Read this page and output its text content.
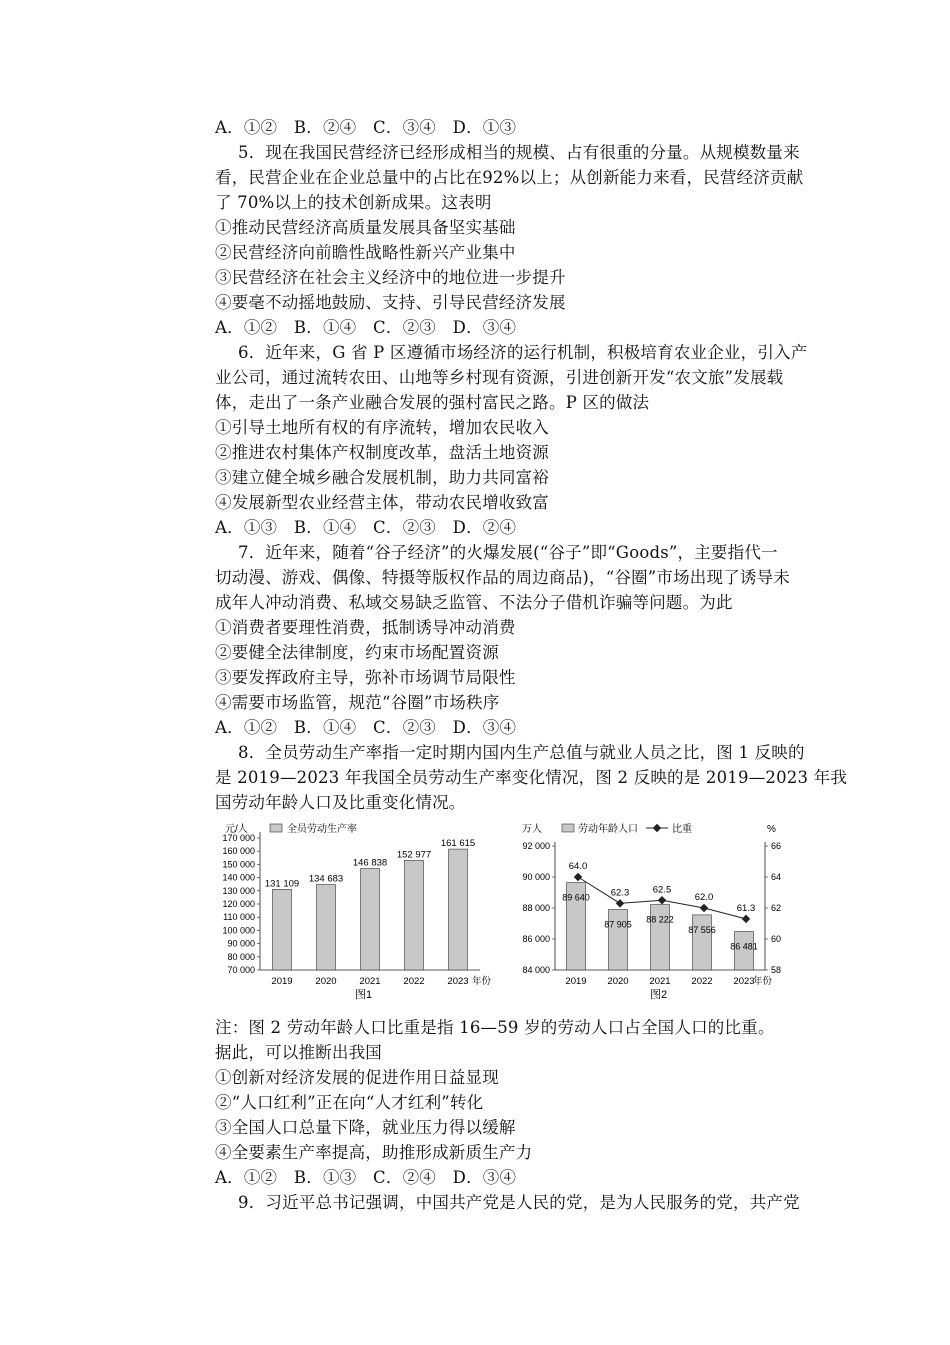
A．①②　B．②④　C．③④　D．①③
5．现在我国民营经济已经形成相当的规模、占有很重的分量。从规模数量来
看，民营企业在企业总量中的占比在92%以上；从创新能力来看，民营经济贡献
了 70%以上的技术创新成果。这表明
①推动民营经济高质量发展具备坚实基础
②民营经济向前瞻性战略性新兴产业集中
③民营经济在社会主义经济中的地位进一步提升
④要毫不动摇地鼓励、支持、引导民营经济发展
A．①②　B．①④　C．②③　D．③④
6．近年来，G 省 P 区遵循市场经济的运行机制，积极培育农业企业，引入产
业公司，通过流转农田、山地等乡村现有资源，引进创新开发“农文旅”发展载
体，走出了一条产业融合发展的强村富民之路。P 区的做法
①引导土地所有权的有序流转，增加农民收入
②推进农村集体产权制度改革，盘活土地资源
③建立健全城乡融合发展机制，助力共同富裕
④发展新型农业经营主体，带动农民增收致富
A．①③　B．①④　C．②③　D．②④
7．近年来，随着“谷子经济”的火爆发展(“谷子”即“Goods”，主要指代一
切动漫、游戏、偶像、特摄等版权作品的周边商品)，“谷圈”市场出现了诱导未
成年人冲动消费、私域交易缺乏监管、不法分子借机诈骗等问题。为此
①消费者要理性消费，抵制诱导冲动消费
②要健全法律制度，约束市场配置资源
③要发挥政府主导，弥补市场调节局限性
④需要市场监管，规范“谷圈”市场秩序
A．①②　B．①④　C．②③　D．③④
8．全员劳动生产率指一定时期内国内生产总值与就业人员之比，图 1 反映的
是 2019—2023 年我国全员劳动生产率变化情况，图 2 反映的是 2019—2023 年我
国劳动年龄人口及比重变化情况。
元/人	全员劳动生产率
70 000
80 000
90 000
100 000
110 000
120 000
130 000
140 000
150 000
160 000
170 000
131 109
2019
134 683
2020
146 838
2021
152 977
2022
161 615
2023 年份
图1
万人	%
劳动年龄人口	比重
84 000
86 000
88 000
90 000
92 000
58
60
62
64
66
89 640
2019
87 905
2020
88 222
2021
87 556
2022
86 481
2023
64.0
62.3 62.5
62.0
61.3
年份
图2
注：图 2 劳动年龄人口比重是指 16—59 岁的劳动人口占全国人口的比重。
据此，可以推断出我国
①创新对经济发展的促进作用日益显现
②“人口红利”正在向“人才红利”转化
③全国人口总量下降，就业压力得以缓解
④全要素生产率提高，助推形成新质生产力
A．①②　B．①③　C．②④　D．③④
9．习近平总书记强调，中国共产党是人民的党，是为人民服务的党，共产党
